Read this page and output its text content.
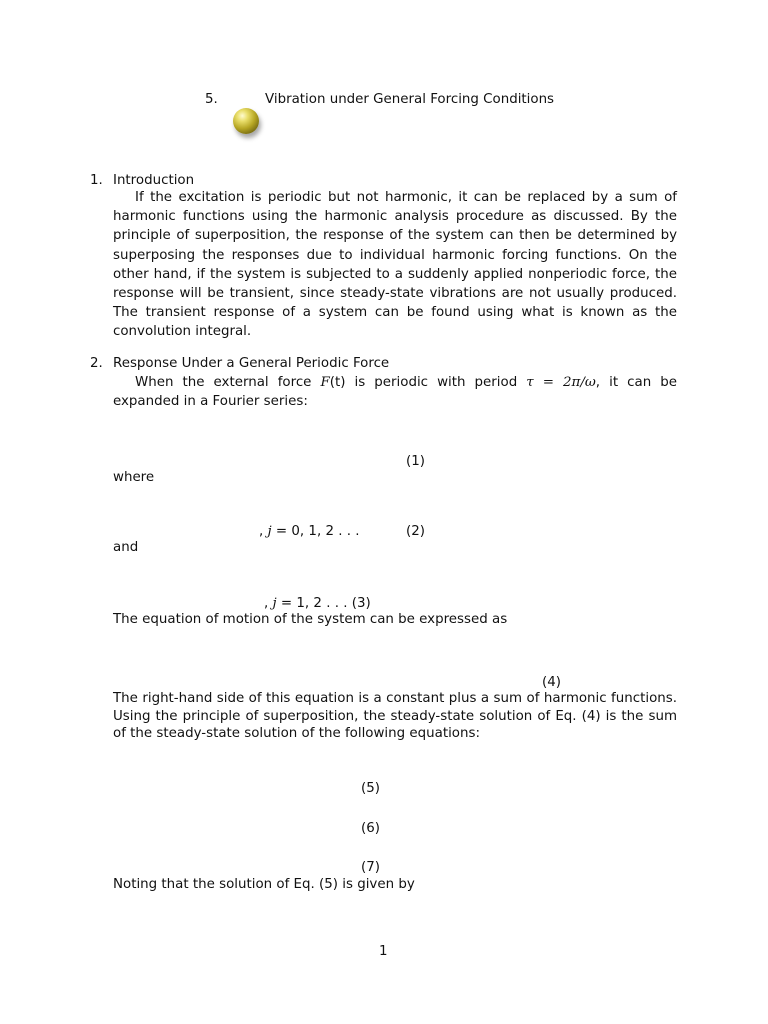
5.	Vibration under General Forcing Conditions
1. Introduction
If the excitation is periodic but not harmonic, it can be replaced by a sum of harmonic functions using the harmonic analysis procedure as discussed. By the principle of superposition, the response of the system can then be determined by superposing the responses due to individual harmonic forcing functions. On the other hand, if the system is subjected to a suddenly applied nonperiodic force, the response will be transient, since steady-state vibrations are not usually produced. The transient response of a system can be found using what is known as the convolution integral.
2. Response Under a General Periodic Force
When the external force F(t) is periodic with period τ = 2π/ω, it can be expanded in a Fourier series:
(1)
where
, j = 0, 1, 2 . . .	(2)
and
, j = 1, 2 . . . (3)
The equation of motion of the system can be expressed as
(4)
The right-hand side of this equation is a constant plus a sum of harmonic functions. Using the principle of superposition, the steady-state solution of Eq. (4) is the sum of the steady-state solution of the following equations:
(5)
(6)
(7)
Noting that the solution of Eq. (5) is given by
1
